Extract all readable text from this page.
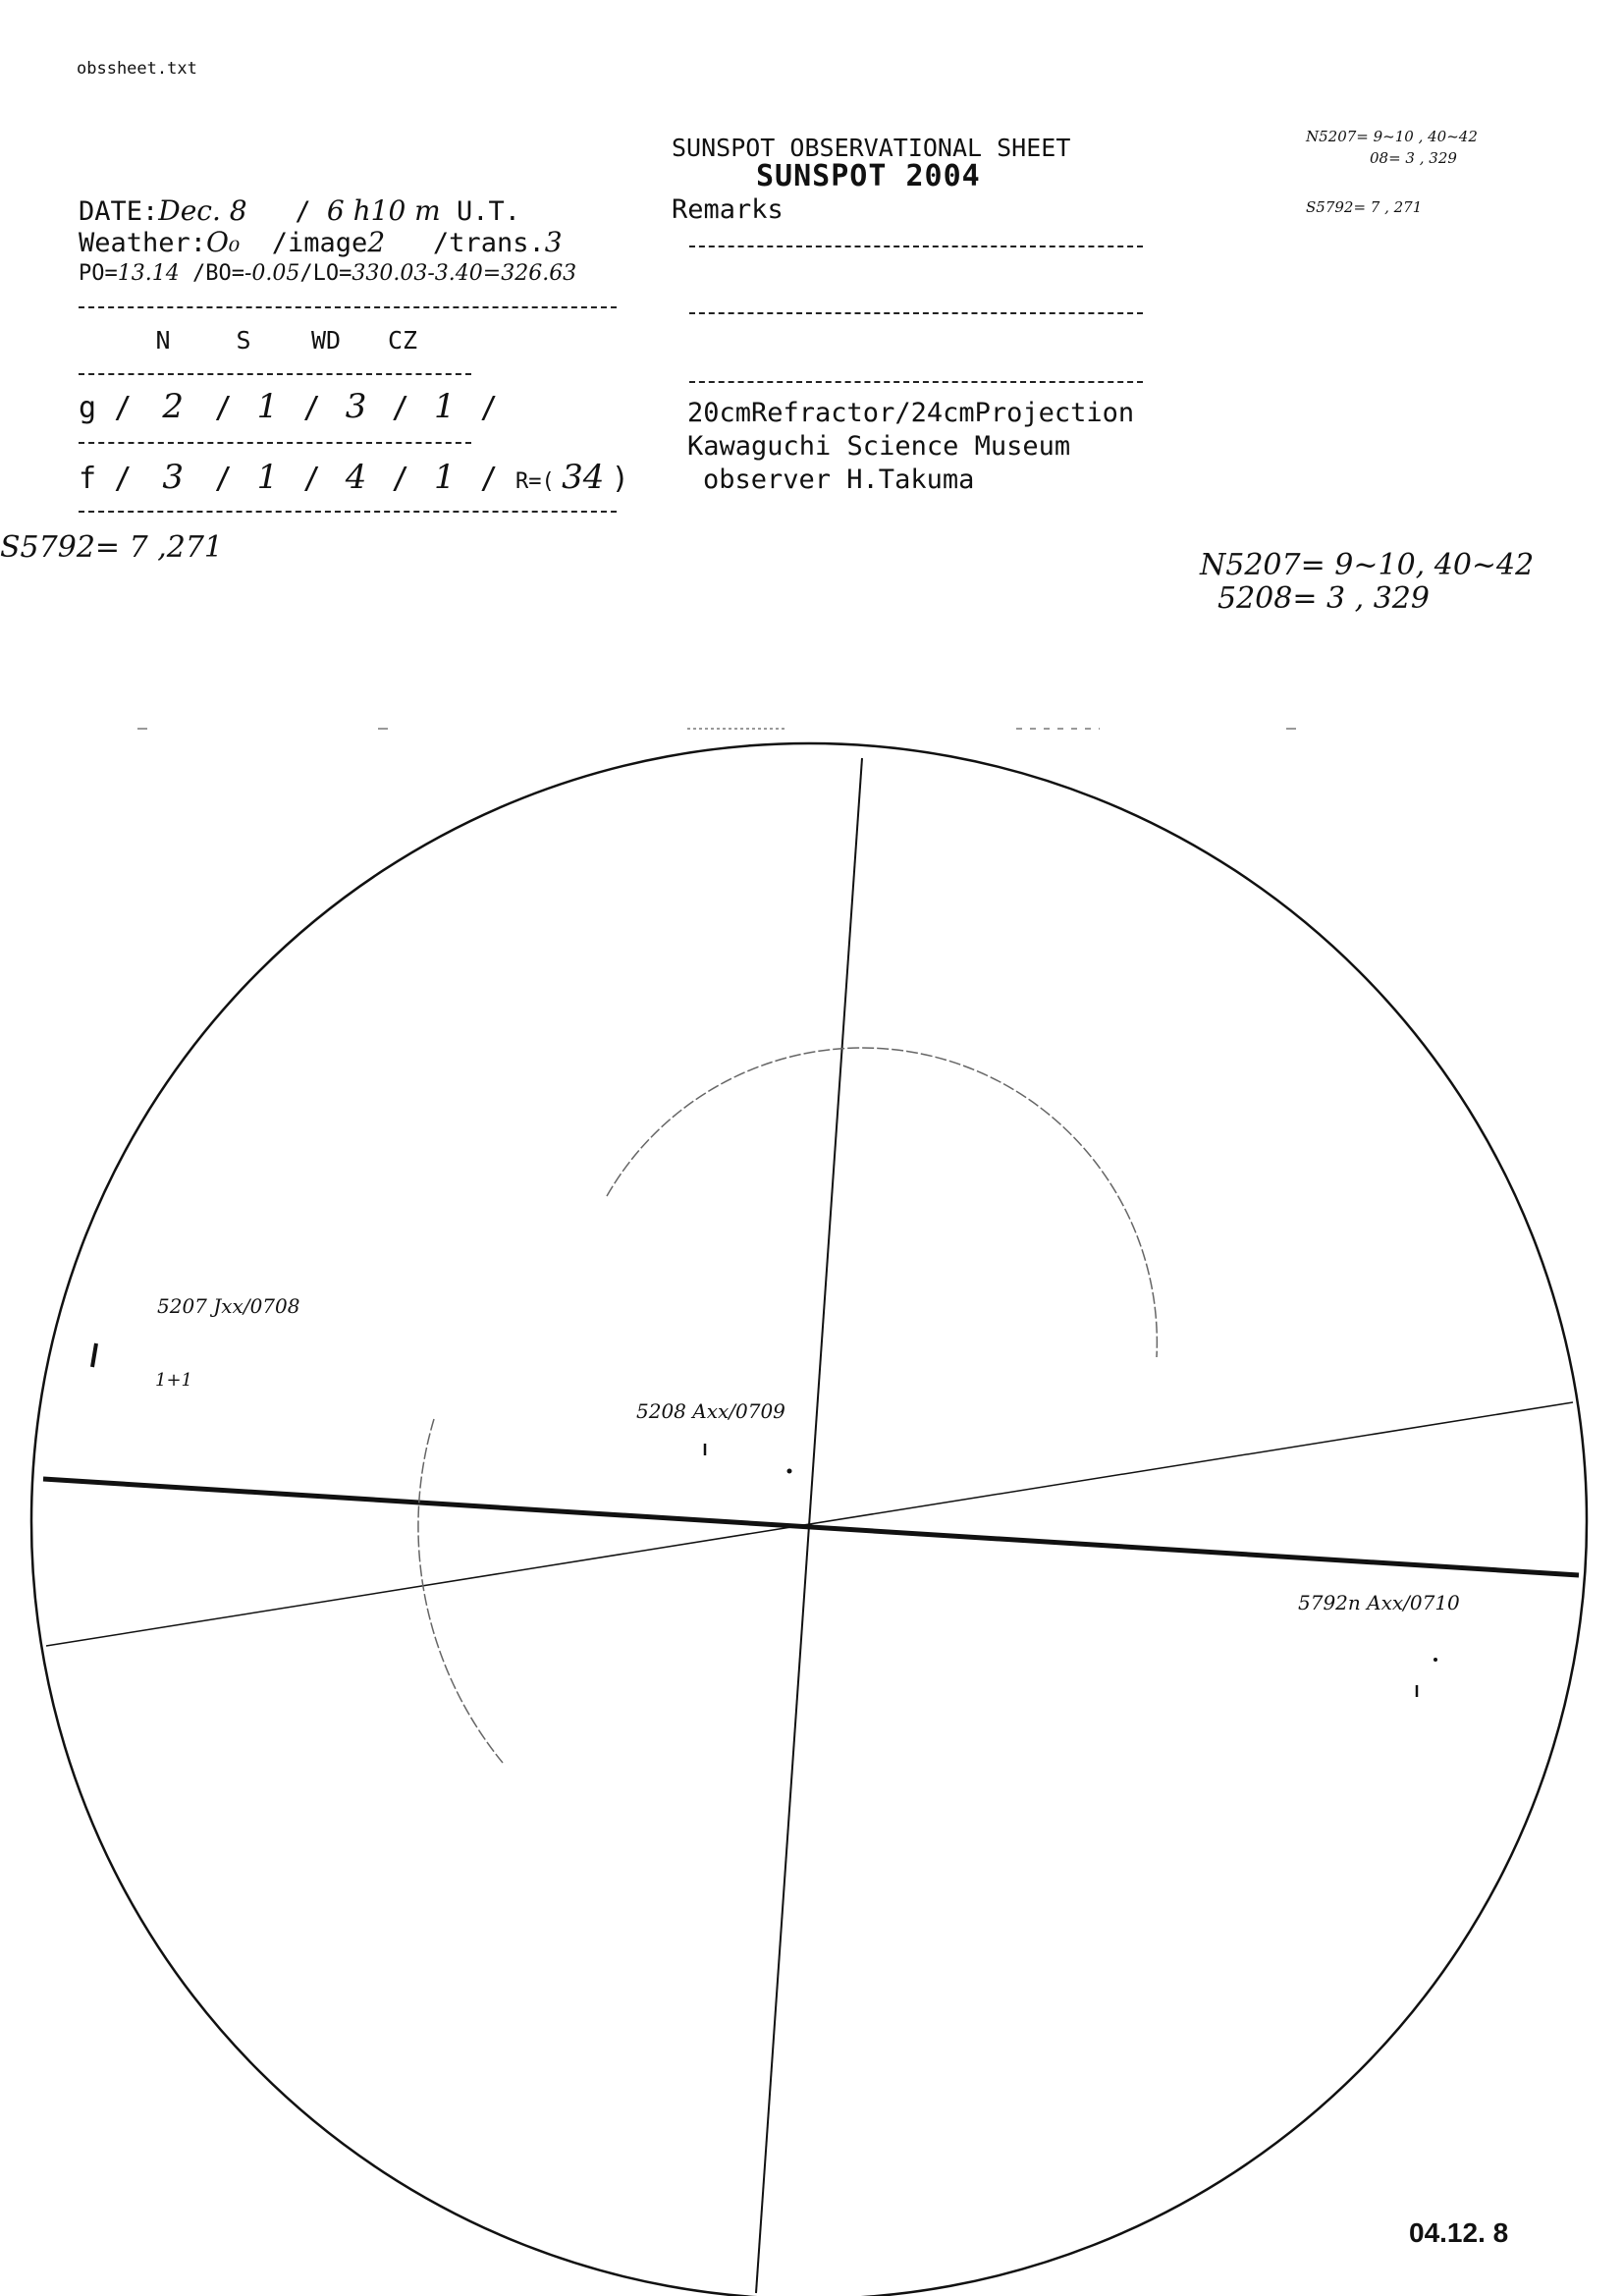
obssheet.txt
DATE:Dec. 8   / 6 h10 m U.T.
Weather:O₀ /image2 /trans.3
PO=13.14 /BO=-0.05/LO=330.03-3.40=326.63
N	S WD CZ
g / 2 / 1 / 3 / 1 /
f / 3 / 1 / 4 / 1 / R=( 34 )
SUNSPOT OBSERVATIONAL SHEET
SUNSPOT 2004
Remarks
20cmRefractor/24cmProjection
Kawaguchi Science Museum
observer H.Takuma
N5207= 9~10 , 40~42
08= 3 , 329
S5792= 7 , 271
S5792= 7 ,271
N5207= 9~10, 40~42
5208= 3 , 329
5207 Jxx/0708
1+1
5208 Axx/0709
5792n Axx/0710
04.12. 8
